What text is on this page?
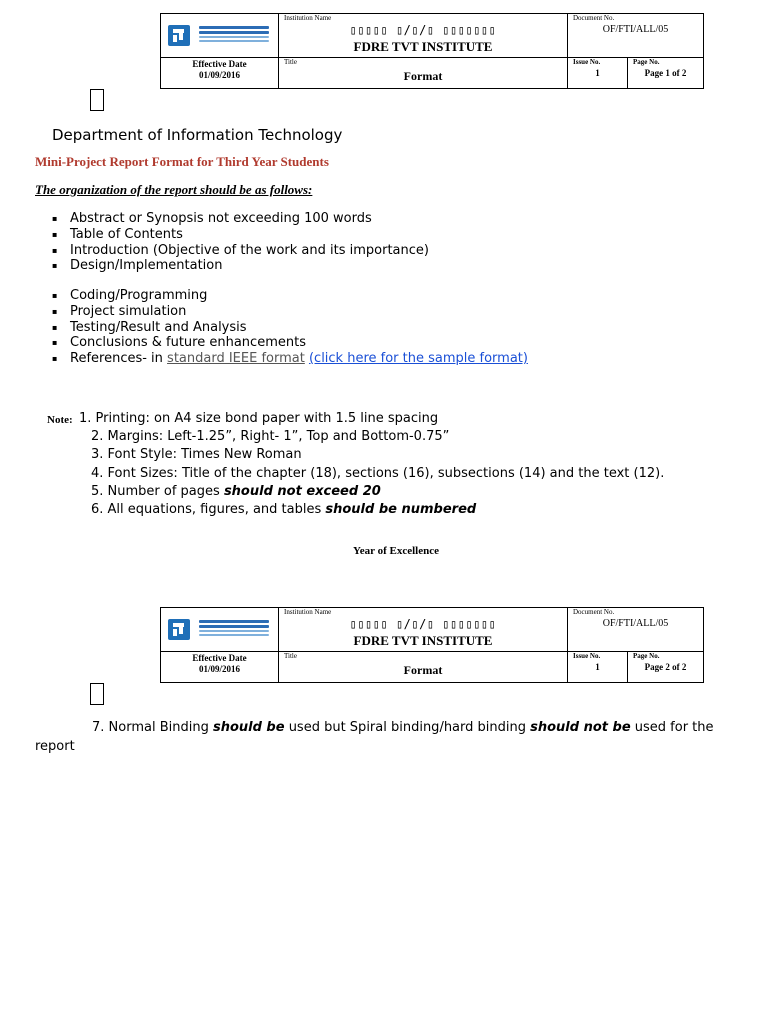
Institution Name
▯▯▯▯▯ ▯/▯/▯ ▯▯▯▯▯▯▯
FDRE TVT INSTITUTE
Document No.
OF/FTI/ALL/05
Effective Date
01/09/2016
Title
Format
Issue No.
1
Page No.
Page 1 of 2
Department of Information Technology
Mini-Project Report Format for Third Year Students
The organization of the report should be as follows:
▪ Abstract or Synopsis not exceeding 100 words
▪ Table of Contents
▪ Introduction (Objective of the work and its importance)
▪ Design/Implementation
▪ Coding/Programming
▪ Project simulation
▪ Testing/Result and Analysis
▪ Conclusions & future enhancements
▪ References- in standard IEEE format (click here for the sample format)
Note: 1. Printing: on A4 size bond paper with 1.5 line spacing
2. Margins: Left-1.25”, Right- 1”, Top and Bottom-0.75”
3. Font Style: Times New Roman
4. Font Sizes: Title of the chapter (18), sections (16), subsections (14) and the text (12).
5. Number of pages should not exceed 20
6. All equations, figures, and tables should be numbered
Year of Excellence
Institution Name
▯▯▯▯▯ ▯/▯/▯ ▯▯▯▯▯▯▯
FDRE TVT INSTITUTE
Document No.
OF/FTI/ALL/05
Effective Date
01/09/2016
Title
Format
Issue No.
1
Page No.
Page 2 of 2
7. Normal Binding should be used but Spiral binding/hard binding should not be used for the
report
